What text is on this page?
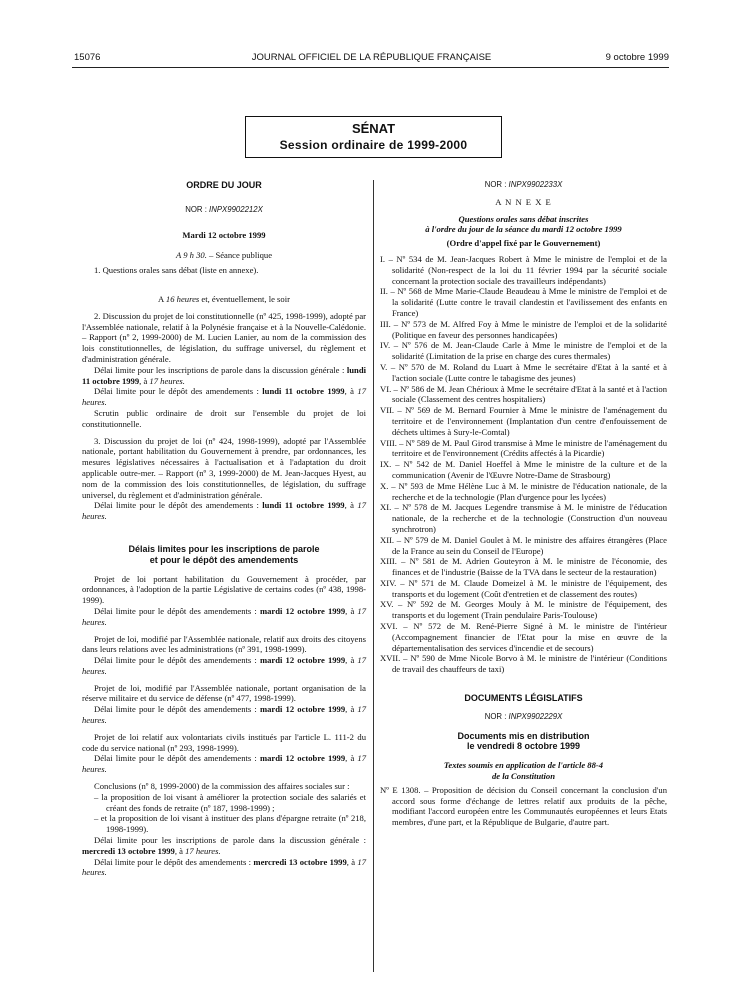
15076	JOURNAL OFFICIEL DE LA RÉPUBLIQUE FRANÇAISE	9 octobre 1999
SÉNAT
Session ordinaire de 1999-2000
ORDRE DU JOUR
NOR : INPX9902212X
Mardi 12 octobre 1999
A 9 h 30. – Séance publique

1. Questions orales sans débat (liste en annexe).

A 16 heures et, éventuellement, le soir

2. Discussion du projet de loi constitutionnelle (nº 425, 1998-1999), adopté par l'Assemblée nationale, relatif à la Polynésie française et à la Nouvelle-Calédonie. – Rapport (nº 2, 1999-2000) de M. Lucien Lanier, au nom de la commission des lois constitutionnelles, de législation, du suffrage universel, du règlement et d'administration générale.

Délai limite pour les inscriptions de parole dans la discussion générale : lundi 11 octobre 1999, à 17 heures.

Délai limite pour le dépôt des amendements : lundi 11 octobre 1999, à 17 heures.

Scrutin public ordinaire de droit sur l'ensemble du projet de loi constitutionnelle.

3. Discussion du projet de loi (nº 424, 1998-1999), adopté par l'Assemblée nationale, portant habilitation du Gouvernement à prendre, par ordonnances, les mesures législatives nécessaires à l'actualisation et à l'adaptation du droit applicable outre-mer. – Rapport (nº 3, 1999-2000) de M. Jean-Jacques Hyest, au nom de la commission des lois constitutionnelles, de législation, du suffrage universel, du règlement et d'administration générale.

Délai limite pour le dépôt des amendements : lundi 11 octobre 1999, à 17 heures.

Délais limites pour les inscriptions de parole
et pour le dépôt des amendements

Projet de loi portant habilitation du Gouvernement à procéder, par ordonnances, à l'adoption de la partie Législative de certains codes (nº 438, 1998-1999).

Délai limite pour le dépôt des amendements : mardi 12 octobre 1999, à 17 heures.

Projet de loi, modifié par l'Assemblée nationale, relatif aux droits des citoyens dans leurs relations avec les administrations (nº 391, 1998-1999).

Délai limite pour le dépôt des amendements : mardi 12 octobre 1999, à 17 heures.

Projet de loi, modifié par l'Assemblée nationale, portant organisation de la réserve militaire et du service de défense (nº 477, 1998-1999).

Délai limite pour le dépôt des amendements : mardi 12 octobre 1999, à 17 heures.

Projet de loi relatif aux volontariats civils institués par l'article L. 111-2 du code du service national (nº 293, 1998-1999).

Délai limite pour le dépôt des amendements : mardi 12 octobre 1999, à 17 heures.

Conclusions (nº 8, 1999-2000) de la commission des affaires sociales sur :

– la proposition de loi visant à améliorer la protection sociale des salariés et créant des fonds de retraite (nº 187, 1998-1999) ;

– et la proposition de loi visant à instituer des plans d'épargne retraite (nº 218, 1998-1999).

Délai limite pour les inscriptions de parole dans la discussion générale : mercredi 13 octobre 1999, à 17 heures.

Délai limite pour le dépôt des amendements : mercredi 13 octobre 1999, à 17 heures.

NOR : INPX9902233X
A N N E X E
Questions orales sans débat inscrites
à l'ordre du jour de la séance du mardi 12 octobre 1999
(Ordre d'appel fixé par le Gouvernement)

I. – Nº 534 de M. Jean-Jacques Robert à Mme le ministre de l'emploi et de la solidarité (Non-respect de la loi du 11 février 1994 par la sécurité sociale concernant la protection sociale des travailleurs indépendants)

II. – Nº 568 de Mme Marie-Claude Beaudeau à Mme le ministre de l'emploi et de la solidarité (Lutte contre le travail clandestin et l'avilissement des enfants en France)

III. – Nº 573 de M. Alfred Foy à Mme le ministre de l'emploi et de la solidarité (Politique en faveur des personnes handicapées)

IV. – Nº 576 de M. Jean-Claude Carle à Mme le ministre de l'emploi et de la solidarité (Limitation de la prise en charge des cures thermales)

V. – Nº 570 de M. Roland du Luart à Mme le secrétaire d'Etat à la santé et à l'action sociale (Lutte contre le tabagisme des jeunes)

VI. – Nº 586 de M. Jean Chérioux à Mme le secrétaire d'Etat à la santé et à l'action sociale (Classement des centres hospitaliers)

VII. – Nº 569 de M. Bernard Fournier à Mme le ministre de l'aménagement du territoire et de l'environnement (Implantation d'un centre d'enfouissement de déchets ultimes à Sury-le-Comtal)

VIII. – Nº 589 de M. Paul Girod transmise à Mme le ministre de l'aménagement du territoire et de l'environnement (Crédits affectés à la Picardie)

IX. – Nº 542 de M. Daniel Hoeffel à Mme le ministre de la culture et de la communication (Avenir de l'Œuvre Notre-Dame de Strasbourg)

X. – Nº 593 de Mme Hélène Luc à M. le ministre de l'éducation nationale, de la recherche et de la technologie (Plan d'urgence pour les lycées)

XI. – Nº 578 de M. Jacques Legendre transmise à M. le ministre de l'éducation nationale, de la recherche et de la technologie (Construction d'un nouveau synchrotron)

XII. – Nº 579 de M. Daniel Goulet à M. le ministre des affaires étrangères (Place de la France au sein du Conseil de l'Europe)

XIII. – Nº 581 de M. Adrien Gouteyron à M. le ministre de l'économie, des finances et de l'industrie (Baisse de la TVA dans le secteur de la restauration)

XIV. – Nº 571 de M. Claude Domeizel à M. le ministre de l'équipement, des transports et du logement (Coût d'entretien et de classement des routes)

XV. – Nº 592 de M. Georges Mouly à M. le ministre de l'équipement, des transports et du logement (Train pendulaire Paris-Toulouse)

XVI. – Nº 572 de M. René-Pierre Signé à M. le ministre de l'intérieur (Accompagnement financier de l'Etat pour la mise en œuvre de la départementalisation des services d'incendie et de secours)

XVII. – Nº 590 de Mme Nicole Borvo à M. le ministre de l'intérieur (Conditions de travail des chauffeurs de taxi)

DOCUMENTS LÉGISLATIFS
NOR : INPX9902229X
Documents mis en distribution
le vendredi 8 octobre 1999
Textes soumis en application de l'article 88-4
de la Constitution

Nº E 1308. – Proposition de décision du Conseil concernant la conclusion d'un accord sous forme d'échange de lettres relatif aux produits de la pêche, modifiant l'accord européen entre les Communautés européennes et leurs Etats membres, d'une part, et la République de Bulgarie, d'autre part.
